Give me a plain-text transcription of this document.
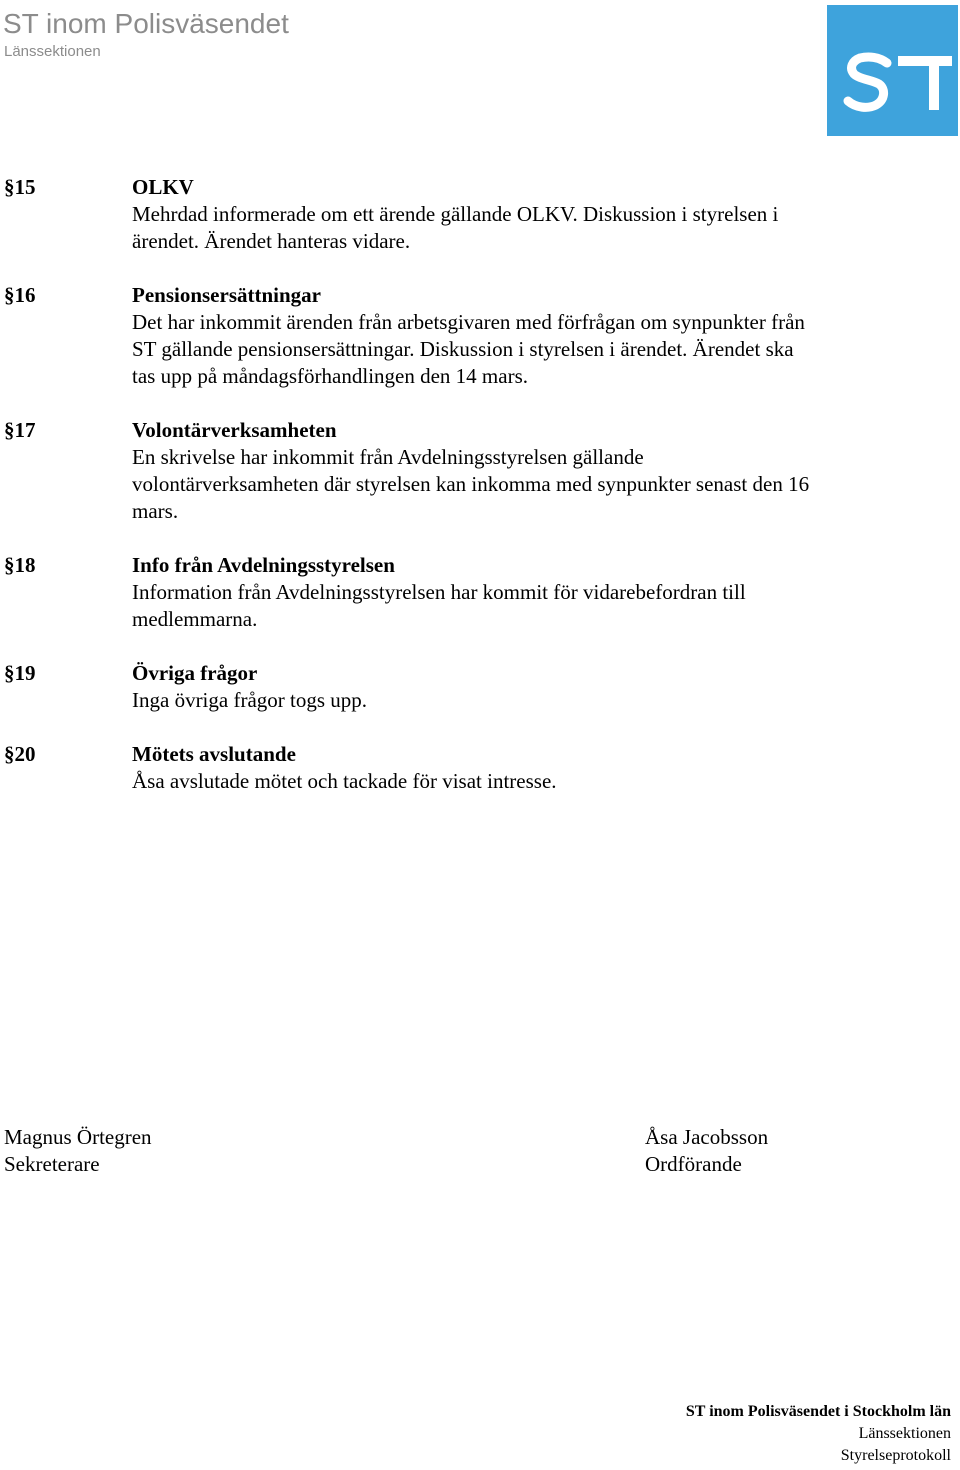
ST inom Polisväsendet
Länssektionen
§15	OLKV
Mehrdad informerade om ett ärende gällande OLKV. Diskussion i styrelsen i ärendet. Ärendet hanteras vidare.
§16	Pensionsersättningar
Det har inkommit ärenden från arbetsgivaren med förfrågan om synpunkter från ST gällande pensionsersättningar. Diskussion i styrelsen i ärendet. Ärendet ska tas upp på måndagsförhandlingen den 14 mars.
§17	Volontärverksamheten
En skrivelse har inkommit från Avdelningsstyrelsen gällande volontärverksamheten där styrelsen kan inkomma med synpunkter senast den 16 mars.
§18	Info från Avdelningsstyrelsen
Information från Avdelningsstyrelsen har kommit för vidarebefordran till medlemmarna.
§19	Övriga frågor
Inga övriga frågor togs upp.
§20	Mötets avslutande
Åsa avslutade mötet och tackade för visat intresse.
Magnus Örtegren
Sekreterare
Åsa Jacobsson
Ordförande
ST inom Polisväsendet i Stockholm län
Länssektionen
Styrelseprotokoll
